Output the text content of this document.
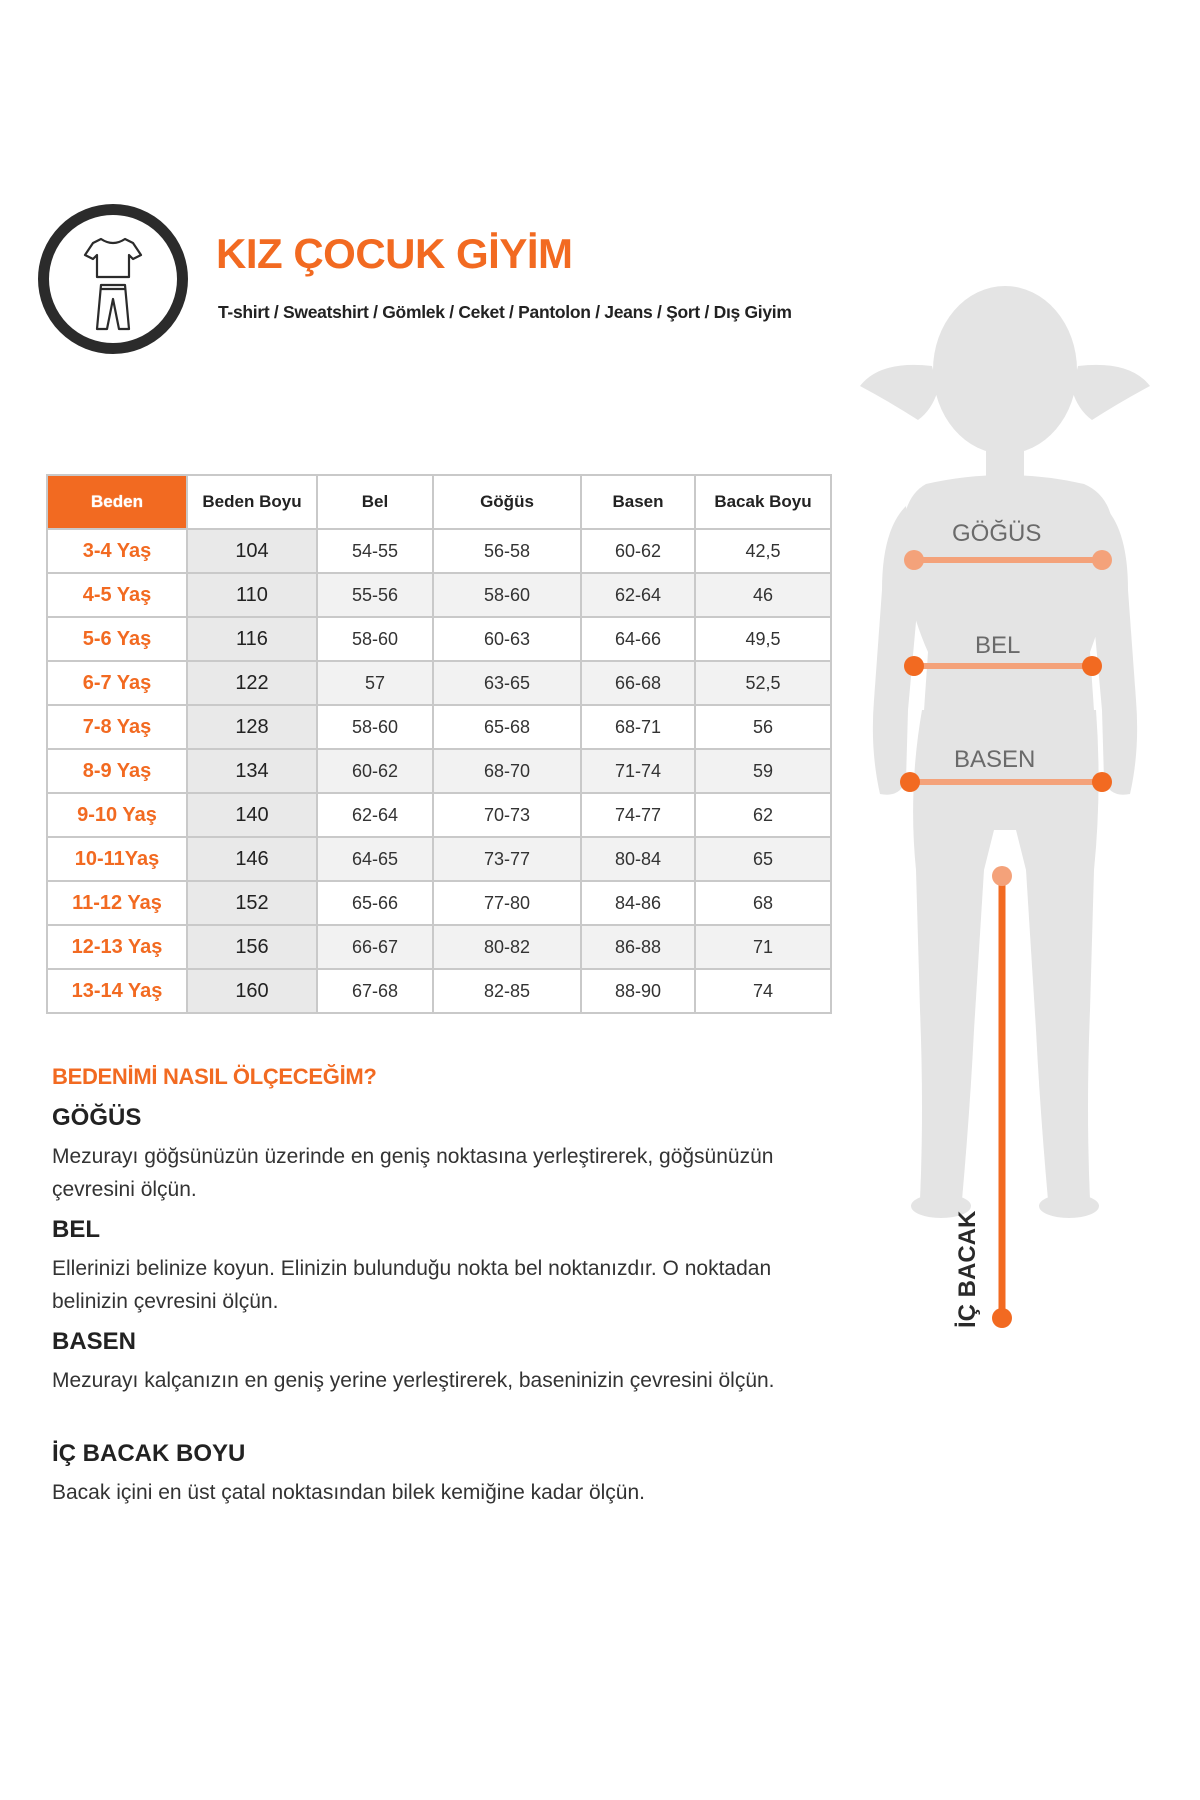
KIZ ÇOCUK GİYİM
T-shirt / Sweatshirt / Gömlek / Ceket / Pantolon / Jeans / Şort / Dış Giyim
Beden	Beden Boyu	Bel	Göğüs	Basen	Bacak Boyu
3-4 Yaş	104	54-55	56-58	60-62	42,5
4-5 Yaş	110	55-56	58-60	62-64	46
5-6 Yaş	116	58-60	60-63	64-66	49,5
6-7 Yaş	122	57	63-65	66-68	52,5
7-8 Yaş	128	58-60	65-68	68-71	56
8-9 Yaş	134	60-62	68-70	71-74	59
9-10 Yaş	140	62-64	70-73	74-77	62
10-11Yaş	146	64-65	73-77	80-84	65
11-12 Yaş	152	65-66	77-80	84-86	68
12-13 Yaş	156	66-67	80-82	86-88	71
13-14 Yaş	160	67-68	82-85	88-90	74
BEDENİMİ NASIL ÖLÇECEĞİM?
GÖĞÜS

Mezurayı göğsünüzün üzerinde en geniş noktasına yerleştirerek, göğsünüzün çevresini ölçün.

BEL

Ellerinizi belinize koyun. Elinizin bulunduğu nokta bel noktanızdır. O noktadan belinizin çevresini ölçün.

BASEN

Mezurayı kalçanızın en geniş yerine yerleştirerek, baseninizin çevresini ölçün.

İÇ BACAK BOYU

Bacak içini en üst çatal noktasından bilek kemiğine kadar ölçün.

GÖĞÜS
BEL
BASEN
İÇ BACAK
